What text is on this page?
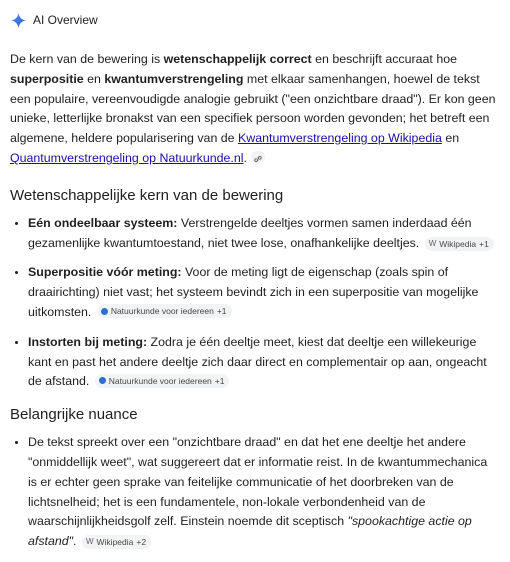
AI Overview

De kern van de bewering is wetenschappelijk correct en beschrijft accuraat hoe superpositie en kwantumverstrengeling met elkaar samenhangen, hoewel de tekst een populaire, vereenvoudigde analogie gebruikt ("een onzichtbare draad"). Er kon geen unieke, letterlijke bronakst van een specifiek persoon worden gevonden; het betreft een algemene, heldere popularisering van de Kwantumverstrengeling op Wikipedia en Quantumverstrengeling op Natuurkunde.nl.

Wetenschappelijke kern van de bewering
• Eén ondeelbaar systeem: Verstrengelde deeltjes vormen samen inderdaad één gezamenlijke kwantumtoestand, niet twee lose, onafhankelijke deeltjes. W Wikipedia +1
• Superpositie vóór meting: Voor de meting ligt de eigenschap (zoals spin of draairichting) niet vast; het systeem bevindt zich in een superpositie van mogelijke uitkomsten. Natuurkunde voor iedereen +1
• Instorten bij meting: Zodra je één deeltje meet, kiest dat deeltje een willekeurige kant en past het andere deeltje zich daar direct en complementair op aan, ongeacht de afstand. Natuurkunde voor iedereen +1
Belangrijke nuance
• De tekst spreekt over een "onzichtbare draad" en dat het ene deeltje het andere "onmiddellijk weet", wat suggereert dat er informatie reist. In de kwantummechanica is er echter geen sprake van feitelijke communicatie of het doorbreken van de lichtsnelheid; het is een fundamentele, non-lokale verbondenheid van de waarschijnlijkheidsgolf zelf. Einstein noemde dit sceptisch "spookachtige actie op afstand". W Wikipedia +2
